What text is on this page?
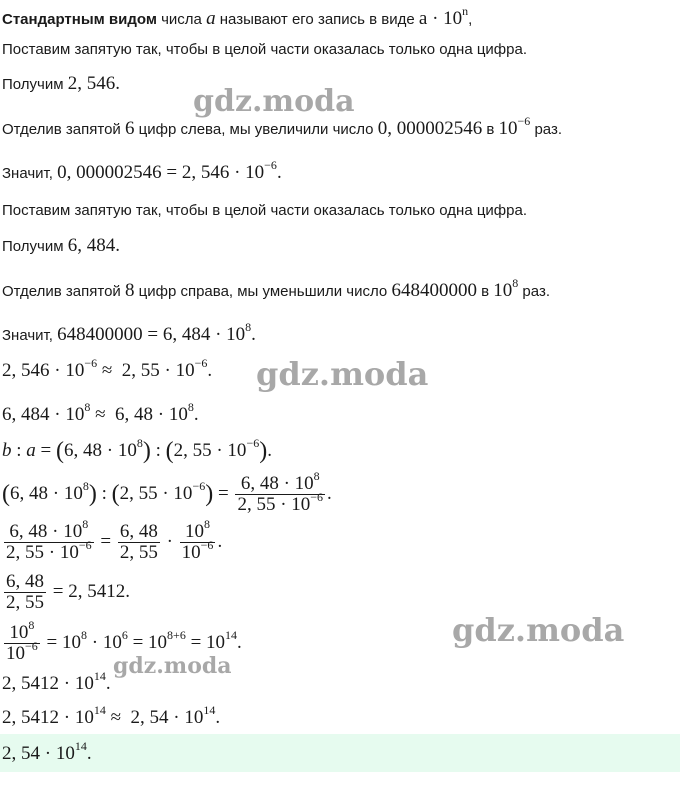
Стандартным видом числа a называют его запись в виде $a \cdot 10^n$,
Поставим запятую так, чтобы в целой части оказалась только одна цифра.
Получим 2, 546.
Отделив запятой 6 цифр слева, мы увеличили число 0, 000002546 в $10^{-6}$ раз.
Значит, 0, 000002546 = 2, $546 \cdot 10^{-6}$.
Поставим запятую так, чтобы в целой части оказалась только одна цифра.
Получим 6, 484.
Отделив запятой 8 цифр справа, мы уменьшили число 648400000 в $10^8$ раз.
Значит, 648400000 = 6, $484 \cdot 10^8$.
2, $546 \cdot 10^{-6} \approx 2$, $55 \cdot 10^{-6}$.
6, $484 \cdot 10^8 \approx 6$, $48 \cdot 10^8$.
b : a = (6, $48 \cdot 10^8$) : (2, $55 \cdot 10^{-6}$).
(6, $48 \cdot 10^8$) : (2, $55 \cdot 10^{-6}) = \frac{6, 48 \cdot 10^8}{2, 55 \cdot 10^{-6}}$ .
$\frac{6, 48 \cdot 10^8}{2, 55 \cdot 10^{-6}} = \frac{6, 48}{2, 55} \cdot \frac{10^8}{10^{-6}}$ .
$\frac{6, 48}{2, 55} = 2$, 5412.
$\frac{10^8}{10^{-6}} = 10^8 \cdot 10^6 = 10^{8+6} = 10^{14}$.
2, $5412 \cdot 10^{14}$.
2, $5412 \cdot 10^{14} \approx 2$, $54 \cdot 10^{14}$.
2, $54 \cdot 10^{14}$.
gdz.moda
gdz.moda
gdz.moda
gdz.moda
